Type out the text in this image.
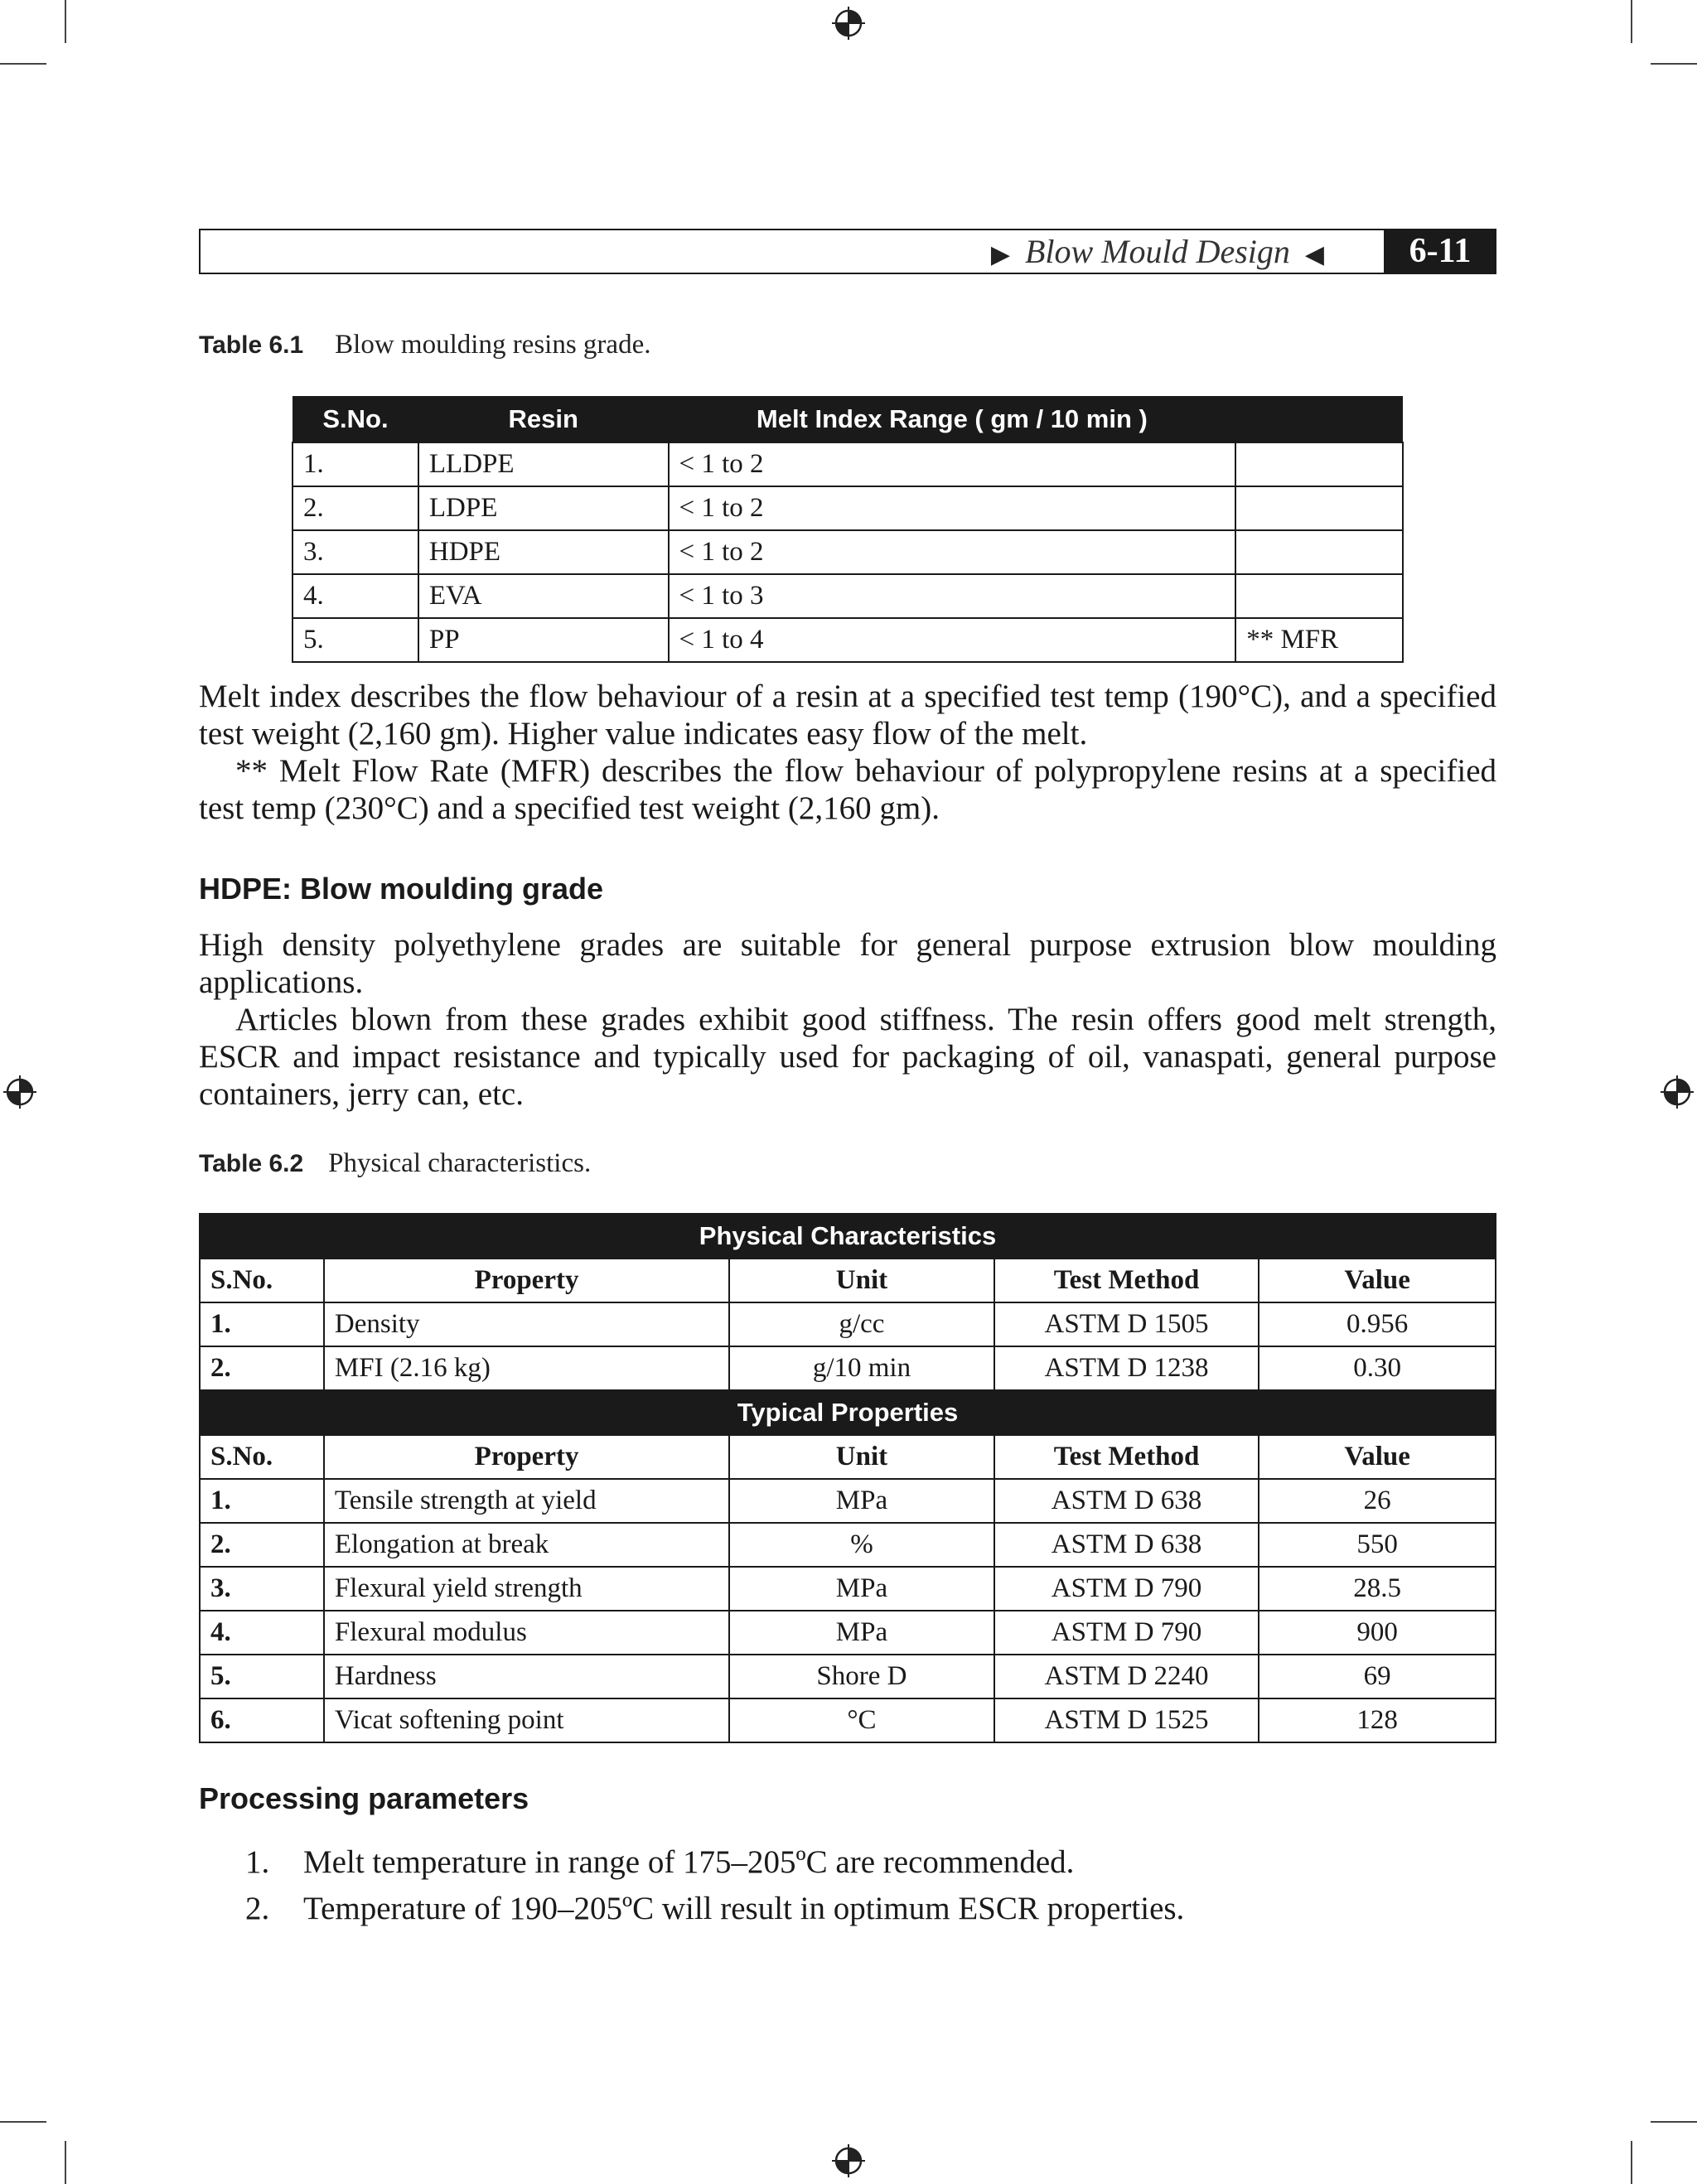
▶ Blow Mould Design ◀	6-11
Table 6.1 Blow moulding resins grade.
S.No.	Resin	Melt Index Range ( gm / 10 min )	
1.	LLDPE	< 1 to 2	
2.	LDPE	< 1 to 2	
3.	HDPE	< 1 to 2	
4.	EVA	< 1 to 3	
5.	PP	< 1 to 4	** MFR
Melt index describes the flow behaviour of a resin at a specified test temp (190°C), and a specified test weight (2,160 gm). Higher value indicates easy flow of the melt.
** Melt Flow Rate (MFR) describes the flow behaviour of polypropylene resins at a specified test temp (230°C) and a specified test weight (2,160 gm).
HDPE: Blow moulding grade
High density polyethylene grades are suitable for general purpose extrusion blow moulding applications.
Articles blown from these grades exhibit good stiffness. The resin offers good melt strength, ESCR and impact resistance and typically used for packaging of oil, vanaspati, general purpose containers, jerry can, etc.
Table 6.2 Physical characteristics.
Physical Characteristics				
S.No.	Property	Unit	Test Method	Value
1.	Density	g/cc	ASTM D 1505	0.956
2.	MFI (2.16 kg)	g/10 min	ASTM D 1238	0.30
Typical Properties				
S.No.	Property	Unit	Test Method	Value
1.	Tensile strength at yield	MPa	ASTM D 638	26
2.	Elongation at break	%	ASTM D 638	550
3.	Flexural yield strength	MPa	ASTM D 790	28.5
4.	Flexural modulus	MPa	ASTM D 790	900
5.	Hardness	Shore D	ASTM D 2240	69
6.	Vicat softening point	°C	ASTM D 1525	128
Processing parameters
1. Melt temperature in range of 175–205ºC are recommended.
2. Temperature of 190–205ºC will result in optimum ESCR properties.
